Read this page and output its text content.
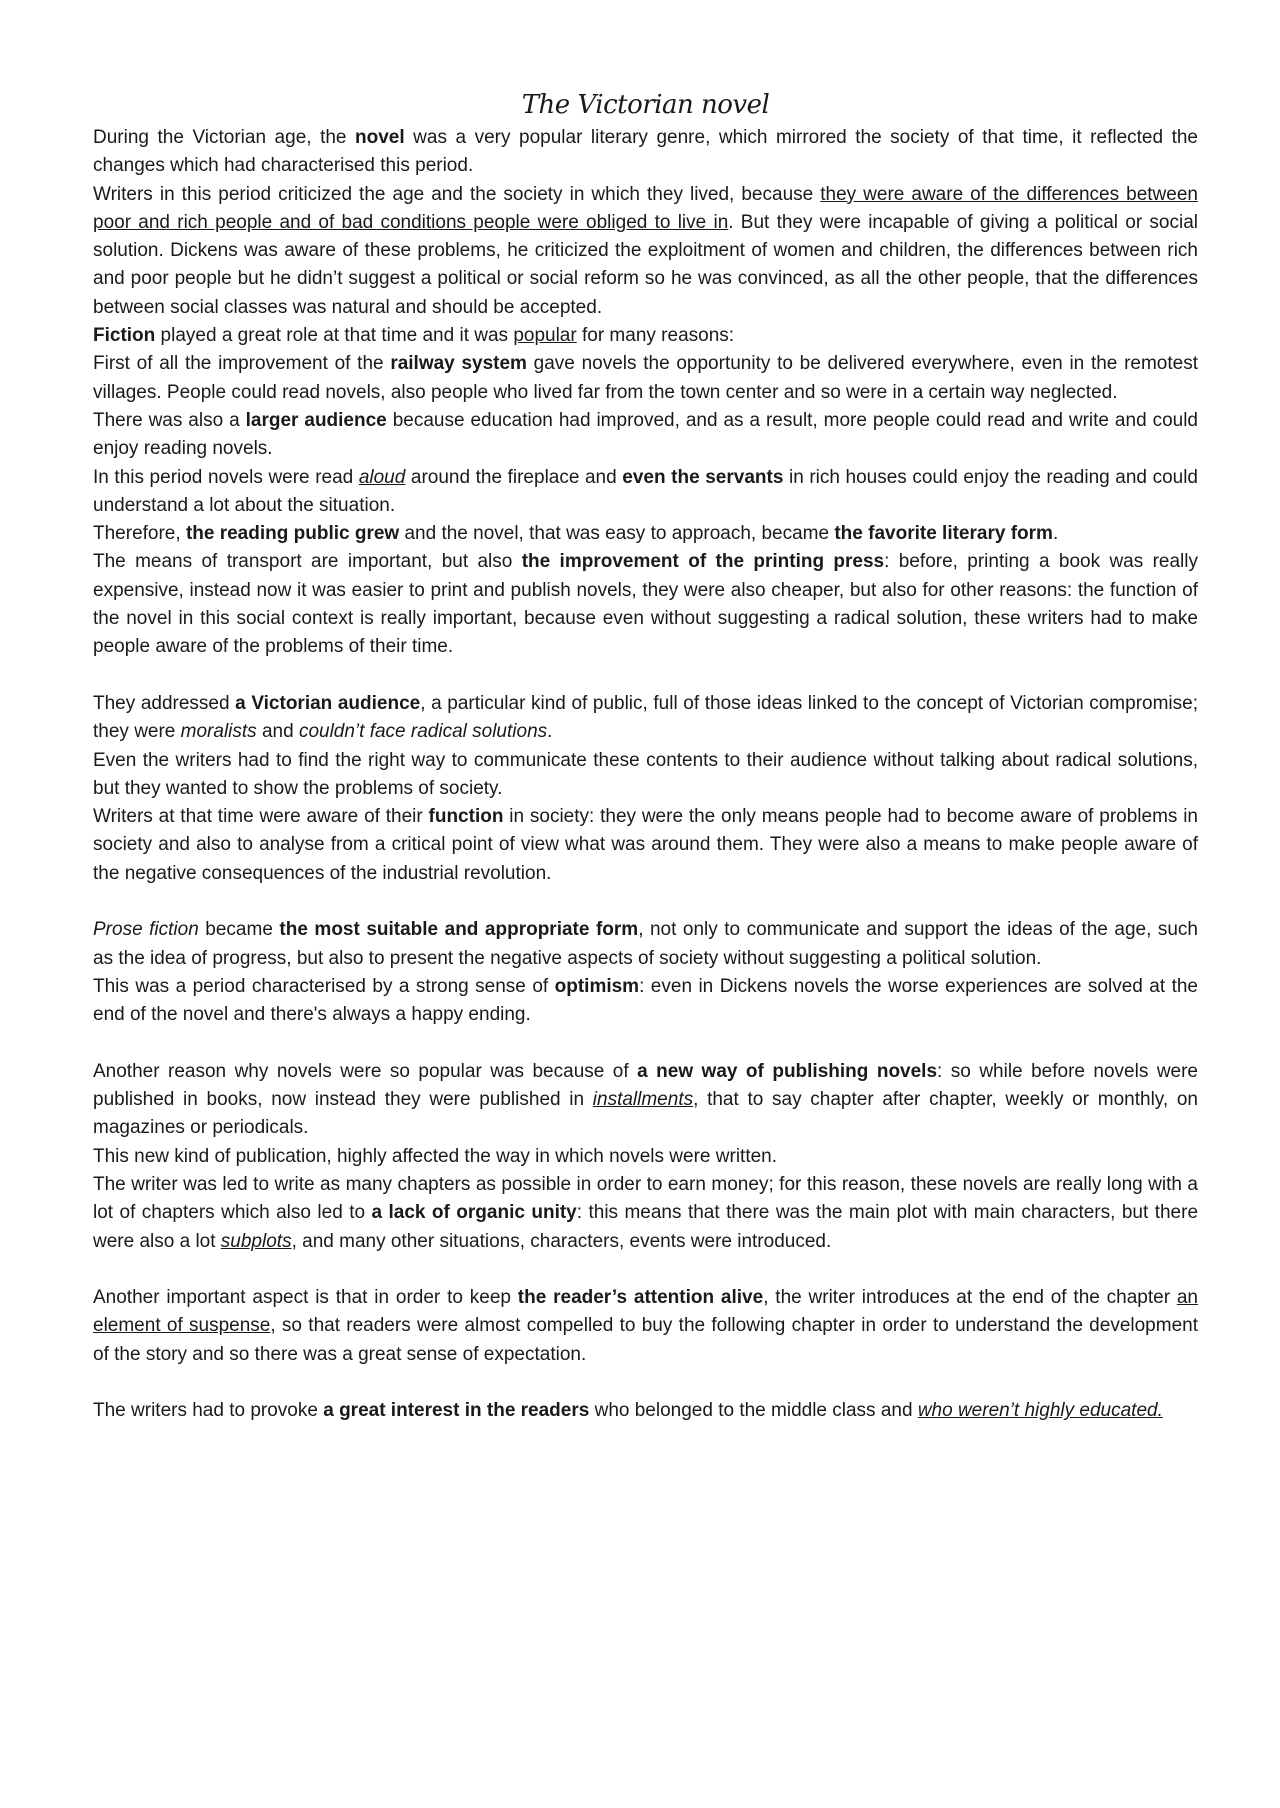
The Victorian novel

During the Victorian age, the novel was a very popular literary genre, which mirrored the society of that time, it reflected the changes which had characterised this period.

Writers in this period criticized the age and the society in which they lived, because they were aware of the differences between poor and rich people and of bad conditions people were obliged to live in. But they were incapable of giving a political or social solution. Dickens was aware of these problems, he criticized the exploitment of women and children, the differences between rich and poor people but he didn’t suggest a political or social reform so he was convinced, as all the other people, that the differences between social classes was natural and should be accepted.

Fiction played a great role at that time and it was popular for many reasons:

First of all the improvement of the railway system gave novels the opportunity to be delivered everywhere, even in the remotest villages. People could read novels, also people who lived far from the town center and so were in a certain way neglected.

There was also a larger audience because education had improved, and as a result, more people could read and write and could enjoy reading novels.

In this period novels were read aloud around the fireplace and even the servants in rich houses could enjoy the reading and could understand a lot about the situation.

Therefore, the reading public grew and the novel, that was easy to approach, became the favorite literary form.

The means of transport are important, but also the improvement of the printing press: before, printing a book was really expensive, instead now it was easier to print and publish novels, they were also cheaper, but also for other reasons: the function of the novel in this social context is really important, because even without suggesting a radical solution, these writers had to make people aware of the problems of their time.

They addressed a Victorian audience, a particular kind of public, full of those ideas linked to the concept of Victorian compromise; they were moralists and couldn’t face radical solutions.

Even the writers had to find the right way to communicate these contents to their audience without talking about radical solutions, but they wanted to show the problems of society.

Writers at that time were aware of their function in society: they were the only means people had to become aware of problems in society and also to analyse from a critical point of view what was around them. They were also a means to make people aware of the negative consequences of the industrial revolution.

Prose fiction became the most suitable and appropriate form, not only to communicate and support the ideas of the age, such as the idea of progress, but also to present the negative aspects of society without suggesting a political solution.

This was a period characterised by a strong sense of optimism: even in Dickens novels the worse experiences are solved at the end of the novel and there's always a happy ending.

Another reason why novels were so popular was because of a new way of publishing novels: so while before novels were published in books, now instead they were published in installments, that to say chapter after chapter, weekly or monthly, on magazines or periodicals.

This new kind of publication, highly affected the way in which novels were written.

The writer was led to write as many chapters as possible in order to earn money; for this reason, these novels are really long with a lot of chapters which also led to a lack of organic unity: this means that there was the main plot with main characters, but there were also a lot subplots, and many other situations, characters, events were introduced.

Another important aspect is that in order to keep the reader’s attention alive, the writer introduces at the end of the chapter an element of suspense, so that readers were almost compelled to buy the following chapter in order to understand the development of the story and so there was a great sense of expectation.

The writers had to provoke a great interest in the readers who belonged to the middle class and who weren’t highly educated.
